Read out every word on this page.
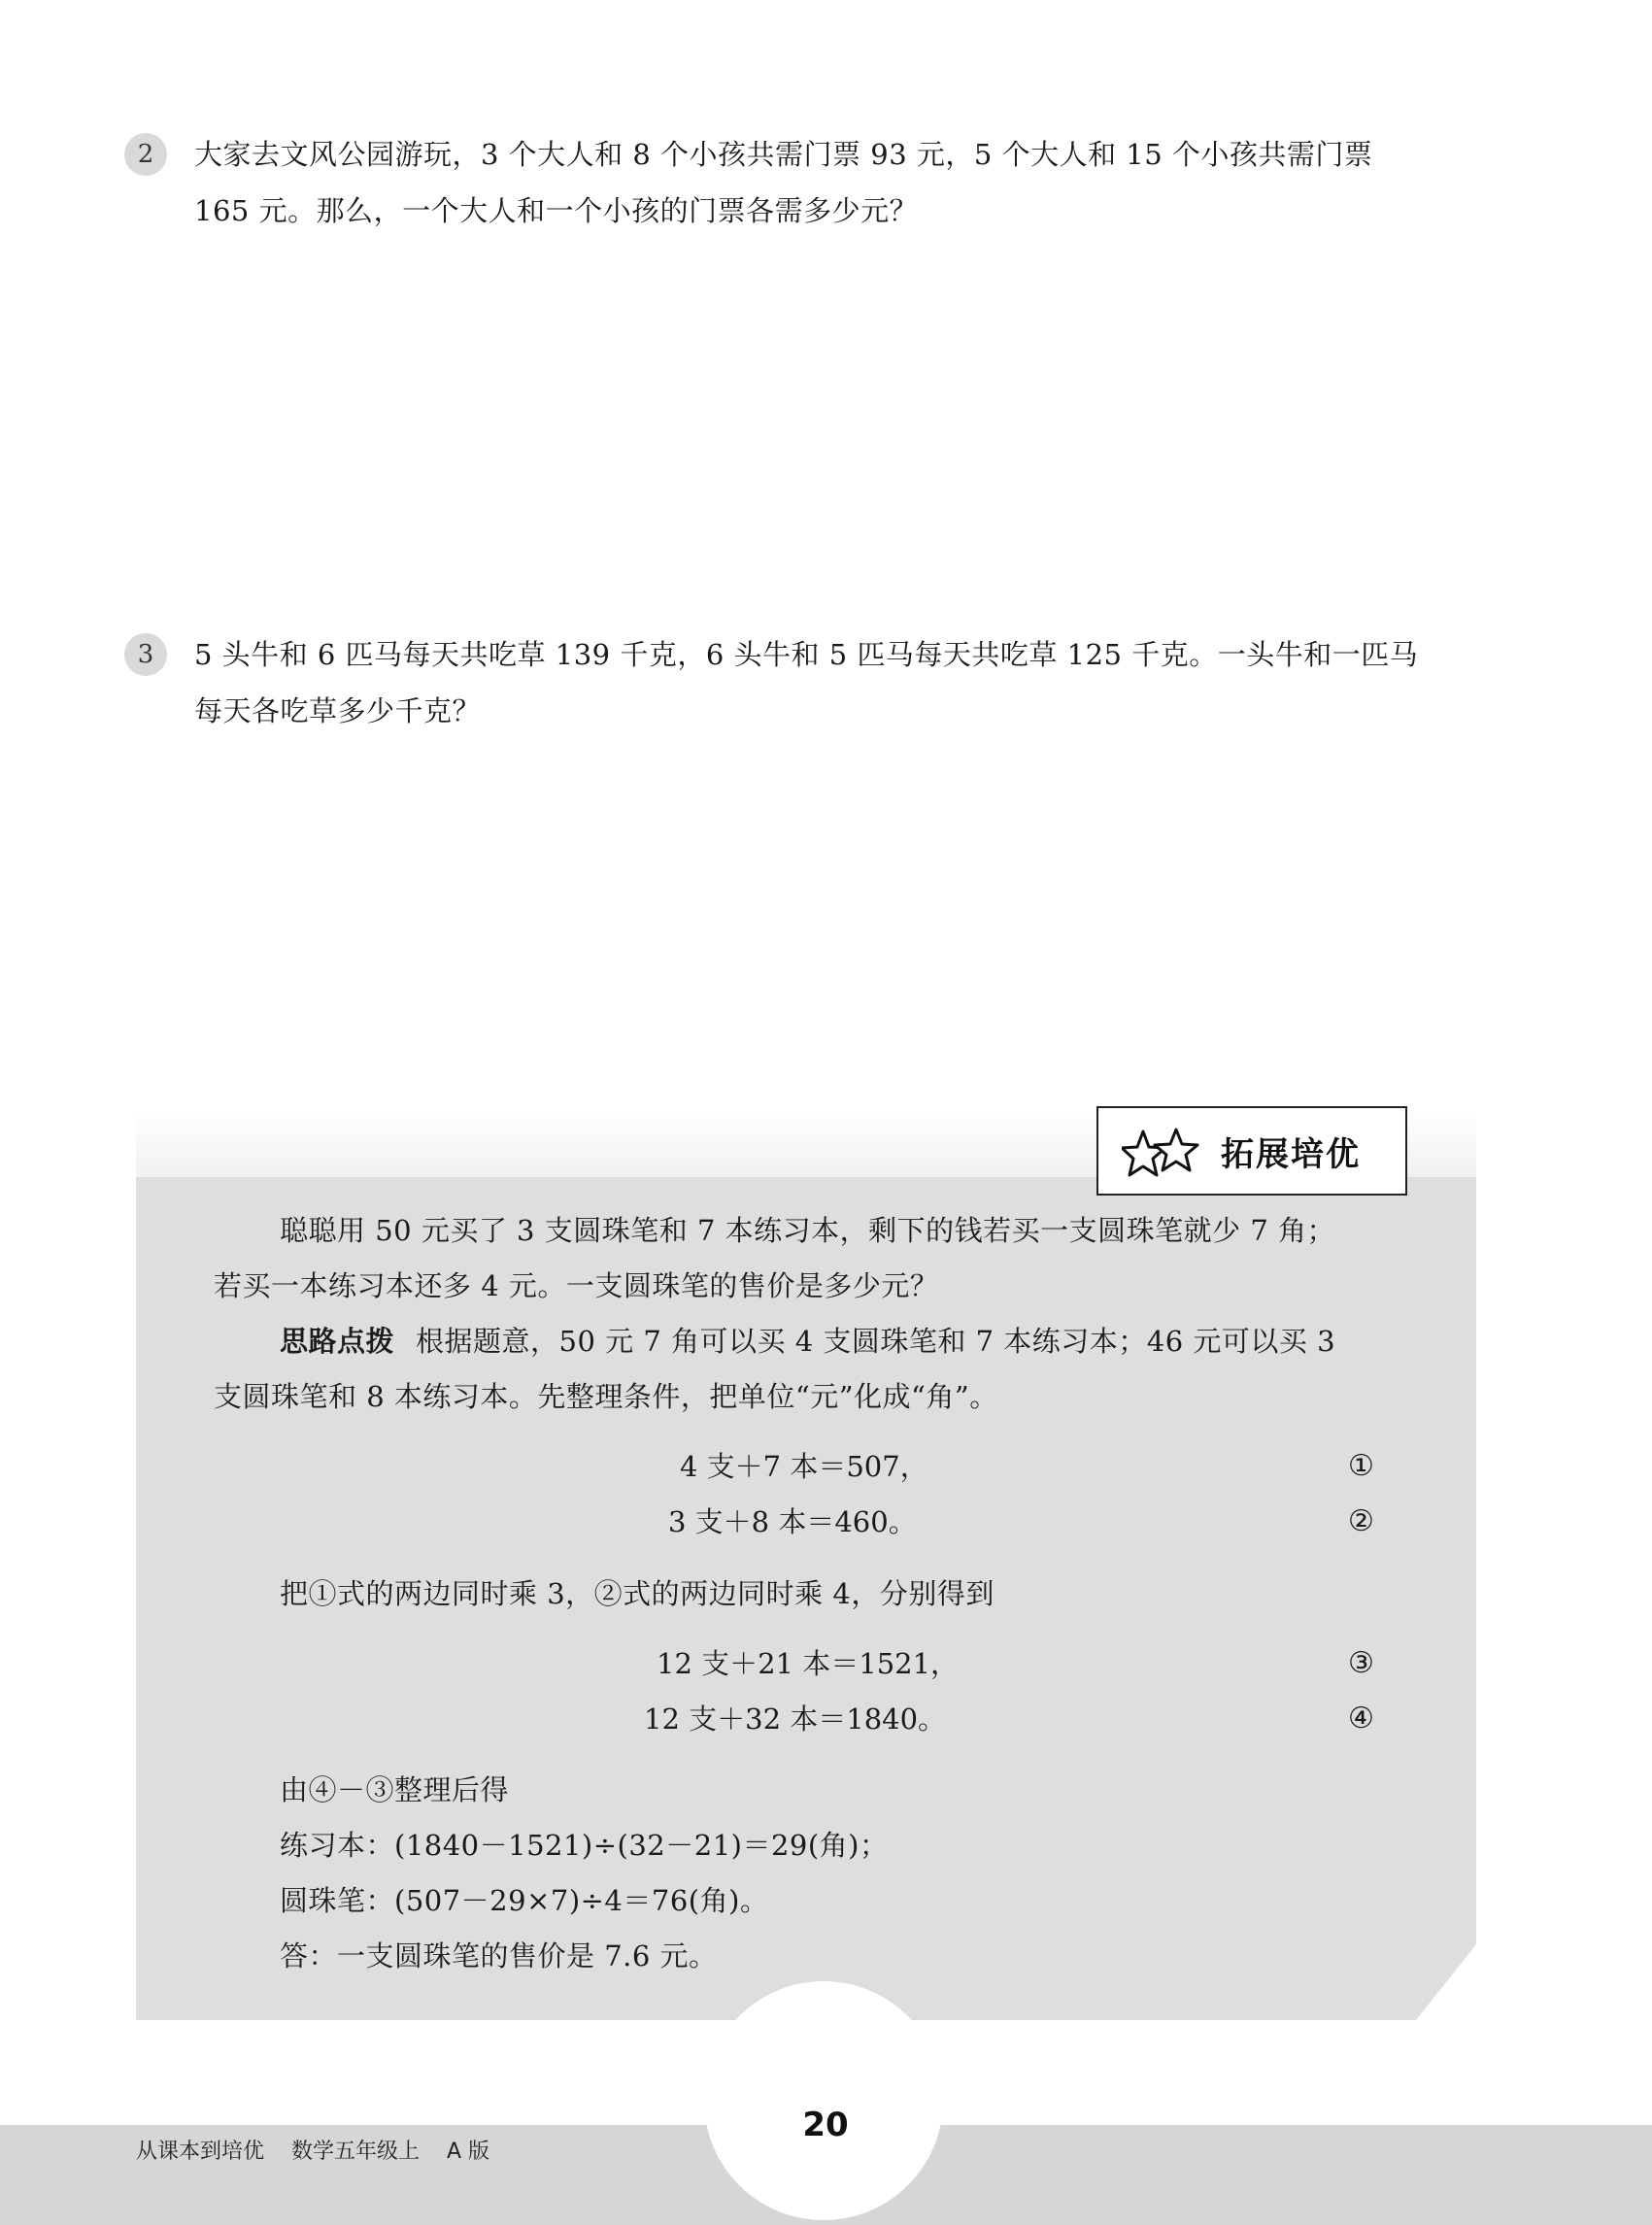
2	大家去文风公园游玩，3 个大人和 8 个小孩共需门票 93 元，5 个大人和 15 个小孩共需门票
165 元。那么，一个大人和一个小孩的门票各需多少元？
3	5 头牛和 6 匹马每天共吃草 139 千克，6 头牛和 5 匹马每天共吃草 125 千克。一头牛和一匹马
每天各吃草多少千克？
拓展培优
聪聪用 50 元买了 3 支圆珠笔和 7 本练习本，剩下的钱若买一支圆珠笔就少 7 角；
若买一本练习本还多 4 元。一支圆珠笔的售价是多少元？
思路点拨 根据题意，50 元 7 角可以买 4 支圆珠笔和 7 本练习本；46 元可以买 3
支圆珠笔和 8 本练习本。先整理条件，把单位“元”化成“角”。
4 支＋7 本＝507，	①
3 支＋8 本＝460。	②
把①式的两边同时乘 3，②式的两边同时乘 4，分别得到
12 支＋21 本＝1521，	③
12 支＋32 本＝1840。	④
由④－③整理后得
练习本：(1840－1521)÷(32－21)＝29(角)；
圆珠笔：(507－29×7)÷4＝76(角)。
答：一支圆珠笔的售价是 7.6 元。
20
从课本到培优    数学五年级上    A 版
